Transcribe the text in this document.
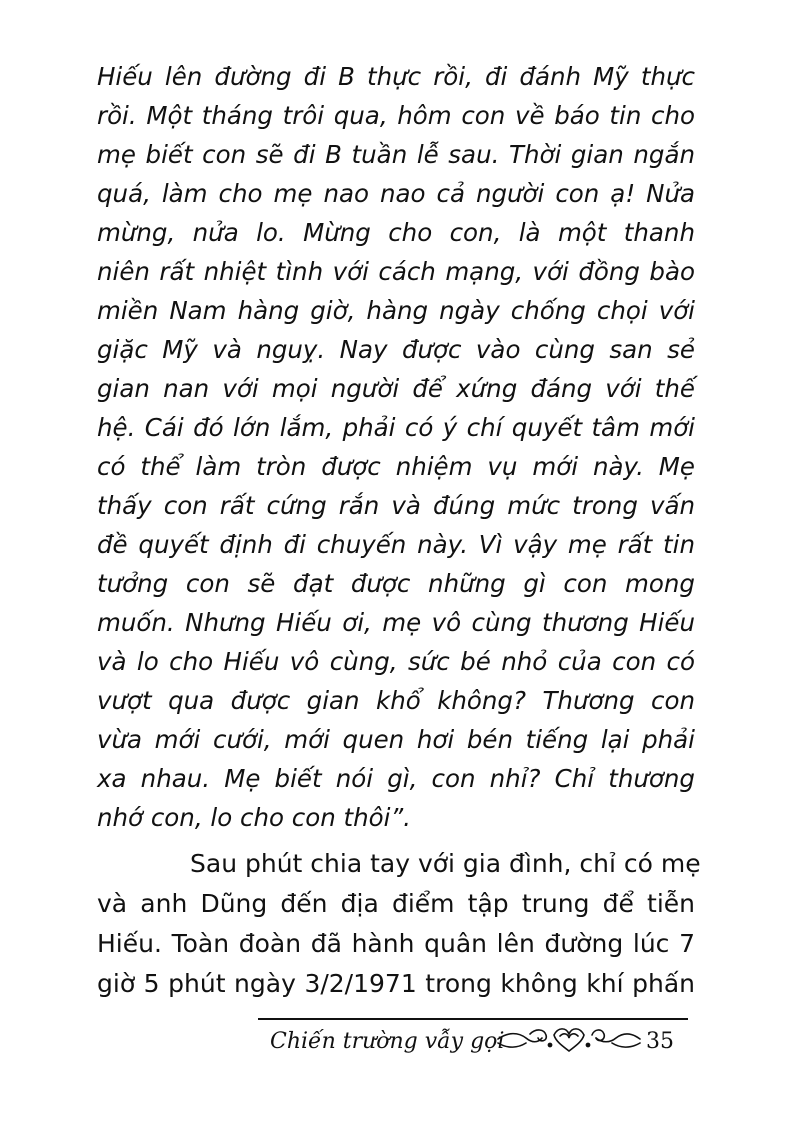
Hiếu lên đường đi B thực rồi, đi đánh Mỹ thực
rồi. Một tháng trôi qua, hôm con về báo tin cho
mẹ biết con sẽ đi B tuần lễ sau. Thời gian ngắn
quá, làm cho mẹ nao nao cả người con ạ! Nửa
mừng, nửa lo. Mừng cho con, là một thanh
niên rất nhiệt tình với cách mạng, với đồng bào
miền Nam hàng giờ, hàng ngày chống chọi với
giặc Mỹ và nguỵ. Nay được vào cùng san sẻ
gian nan với mọi người để xứng đáng với thế
hệ. Cái đó lớn lắm, phải có ý chí quyết tâm mới
có thể làm tròn được nhiệm vụ mới này. Mẹ
thấy con rất cứng rắn và đúng mức trong vấn
đề quyết định đi chuyến này. Vì vậy mẹ rất tin
tưởng con sẽ đạt được những gì con mong
muốn. Nhưng Hiếu ơi, mẹ vô cùng thương Hiếu
và lo cho Hiếu vô cùng, sức bé nhỏ của con có
vượt qua được gian khổ không? Thương con
vừa mới cưới, mới quen hơi bén tiếng lại phải
xa nhau. Mẹ biết nói gì, con nhỉ? Chỉ thương
nhớ con, lo cho con thôi”.
Sau phút chia tay với gia đình, chỉ có mẹ
và anh Dũng đến địa điểm tập trung để tiễn
Hiếu. Toàn đoàn đã hành quân lên đường lúc 7
giờ 5 phút ngày 3/2/1971 trong không khí phấn
Chiến trường vẫy gọi	35
